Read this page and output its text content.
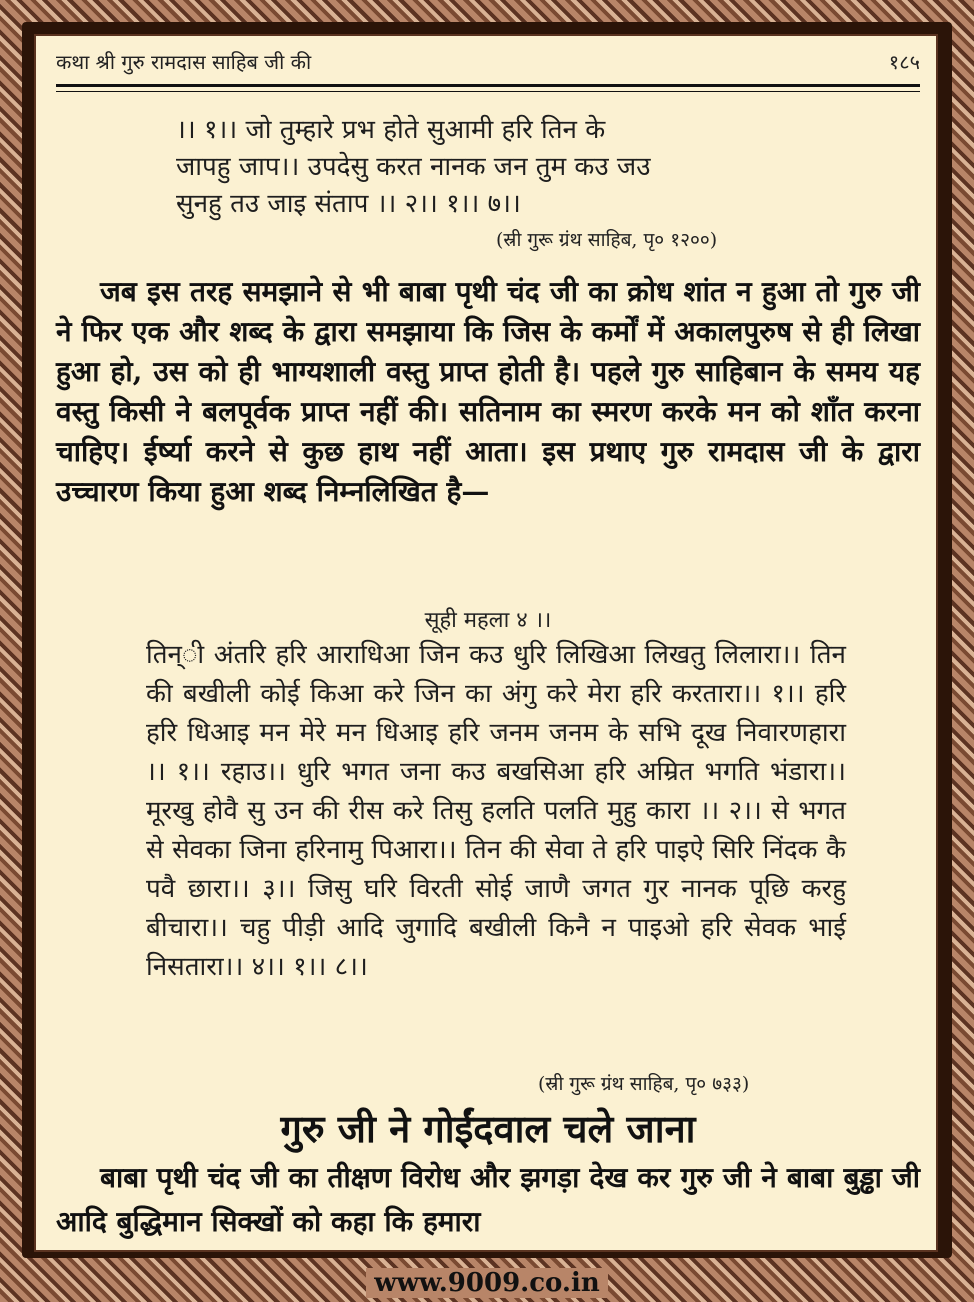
कथा श्री गुरु रामदास साहिब जी की	१८५
।। १।। जो तुम्हारे प्रभ होते सुआमी हरि तिन के
जापहु जाप।। उपदेसु करत नानक जन तुम कउ जउ
सुनहु तउ जाइ संताप ।। २।। १।। ७।।
(स्री गुरू ग्रंथ साहिब, पृ० १२००)

जब इस तरह समझाने से भी बाबा पृथी चंद जी का क्रोध शांत न हुआ तो गुरु जी ने फिर एक और शब्द के द्वारा समझाया कि जिस के कर्मों में अकालपुरुष से ही लिखा हुआ हो, उस को ही भाग्यशाली वस्तु प्राप्त होती है। पहले गुरु साहिबान के समय यह वस्तु किसी ने बलपूर्वक प्राप्त नहीं की। सतिनाम का स्मरण करके मन को शाँत करना चाहिए। ईर्ष्या करने से कुछ हाथ नहीं आता। इस प्रथाए गुरु रामदास जी के द्वारा उच्चारण किया हुआ शब्द निम्नलिखित है—

सूही महला ४ ।।
तिन्ी अंतरि हरि आराधिआ जिन कउ धुरि लिखिआ लिखतु लिलारा।। तिन की बखीली कोई किआ करे जिन का अंगु करे मेरा हरि करतारा।। १।। हरि हरि धिआइ मन मेरे मन धिआइ हरि जनम जनम के सभि दूख निवारणहारा ।। १।। रहाउ।। धुरि भगत जना कउ बखसिआ हरि अम्रित भगति भंडारा।। मूरखु होवै सु उन की रीस करे तिसु हलति पलति मुहु कारा ।। २।। से भगत से सेवका जिना हरिनामु पिआरा।। तिन की सेवा ते हरि पाइऐ सिरि निंदक कै पवै छारा।। ३।। जिसु घरि विरती सोई जाणै जगत गुर नानक पूछि करहु बीचारा।। चहु पीड़ी आदि जुगादि बखीली किनै न पाइओ हरि सेवक भाई निसतारा।। ४।। १।। ८।।
(स्री गुरू ग्रंथ साहिब, पृ० ७३३)
गुरु जी ने गोईंदवाल चले जाना

बाबा पृथी चंद जी का तीक्षण विरोध और झगड़ा देख कर गुरु जी ने बाबा बुड्ढा जी आदि बुद्धिमान सिक्खों को कहा कि हमारा

www.9009.co.in
